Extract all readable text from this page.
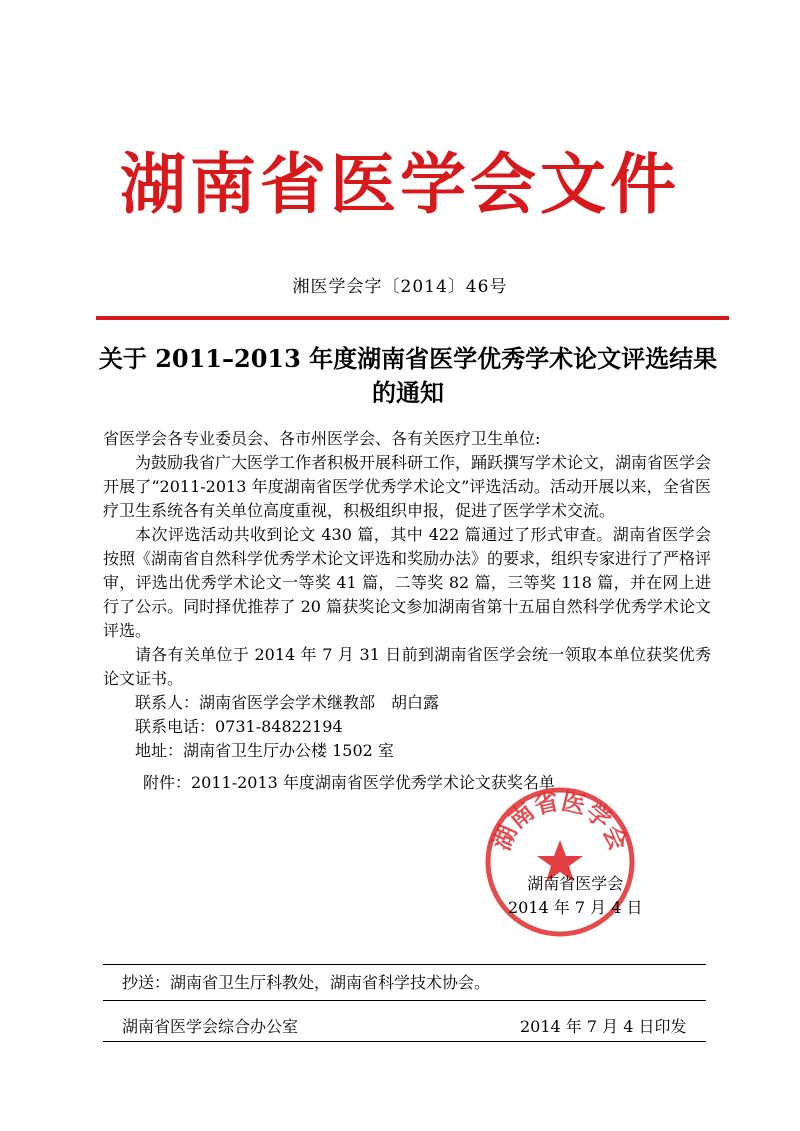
湖南省医学会文件
湘医学会字〔2014〕46号
关于 2011–2013 年度湖南省医学优秀学术论文评选结果
的通知

省医学会各专业委员会、各市州医学会、各有关医疗卫生单位:

为鼓励我省广大医学工作者积极开展科研工作，踊跃撰写学术论文，湖南省医学会开展了“2011-2013 年度湖南省医学优秀学术论文”评选活动。活动开展以来，全省医疗卫生系统各有关单位高度重视，积极组织申报，促进了医学学术交流。

本次评选活动共收到论文 430 篇，其中 422 篇通过了形式审查。湖南省医学会按照《湖南省自然科学优秀学术论文评选和奖励办法》的要求，组织专家进行了严格评审，评选出优秀学术论文一等奖 41 篇，二等奖 82 篇，三等奖 118 篇，并在网上进行了公示。同时择优推荐了 20 篇获奖论文参加湖南省第十五届自然科学优秀学术论文评选。

请各有关单位于 2014 年 7 月 31 日前到湖南省医学会统一领取本单位获奖优秀论文证书。

联系人：湖南省医学会学术继教部　胡白露

联系电话：0731-84822194

地址：湖南省卫生厅办公楼 1502 室

附件：2011-2013 年度湖南省医学优秀学术论文获奖名单
湖南省医学会
湖南省医学会
2014 年 7 月 4 日
抄送：湖南省卫生厅科教处，湖南省科学技术协会。
湖南省医学会综合办公室	2014 年 7 月 4 日印发
